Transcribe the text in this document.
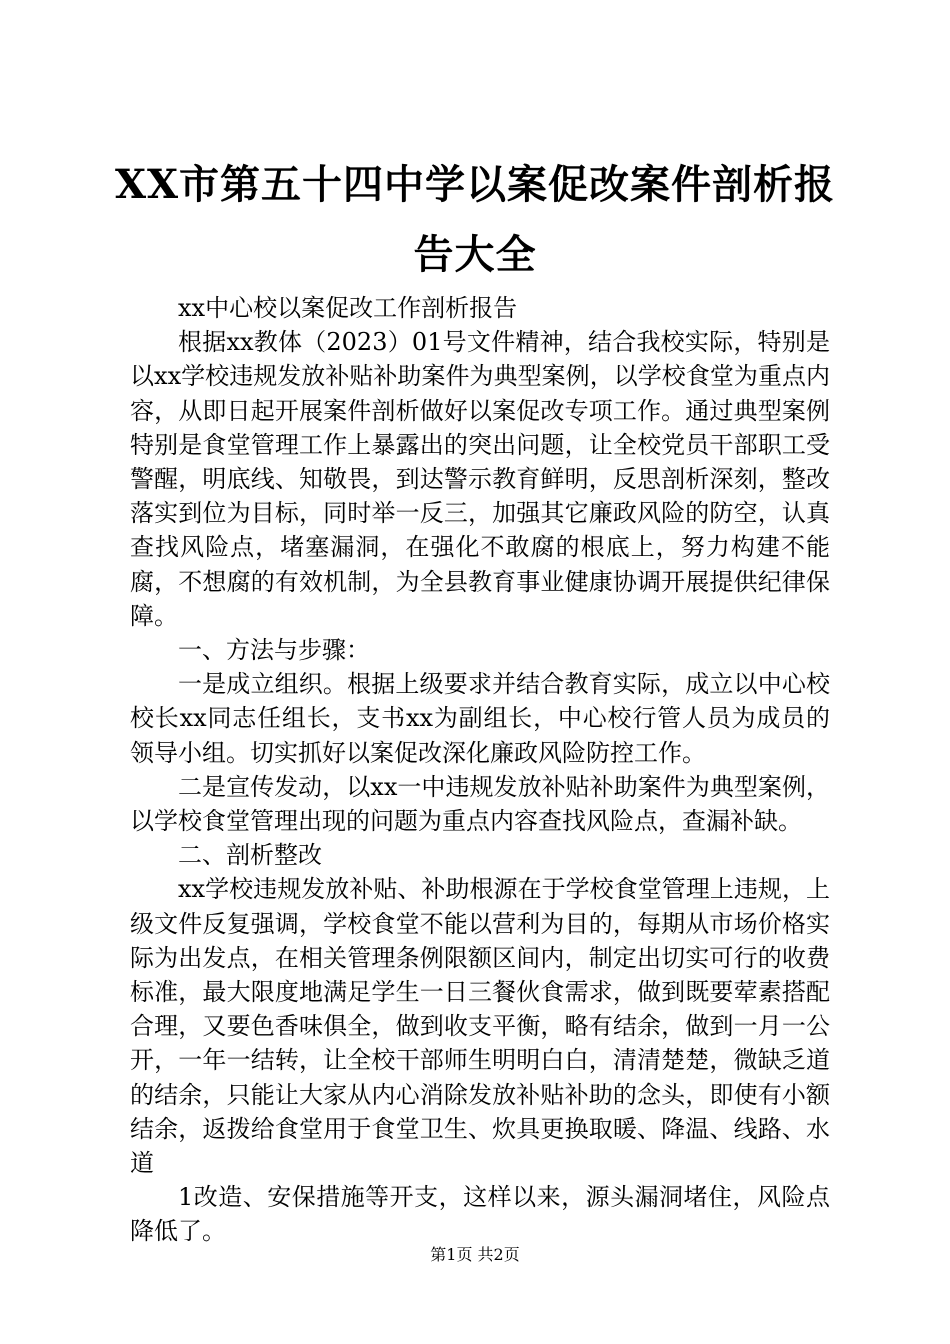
XX市第五十四中学以案促改案件剖析报告大全

xx中心校以案促改工作剖析报告

根据xx教体（2023）01号文件精神，结合我校实际，特别是以xx学校违规发放补贴补助案件为典型案例，以学校食堂为重点内容，从即日起开展案件剖析做好以案促改专项工作。通过典型案例特别是食堂管理工作上暴露出的突出问题，让全校党员干部职工受警醒，明底线、知敬畏，到达警示教育鲜明，反思剖析深刻，整改落实到位为目标，同时举一反三，加强其它廉政风险的防空，认真查找风险点，堵塞漏洞，在强化不敢腐的根底上，努力构建不能腐，不想腐的有效机制，为全县教育事业健康协调开展提供纪律保障。

一、方法与步骤：

一是成立组织。根据上级要求并结合教育实际，成立以中心校校长xx同志任组长，支书xx为副组长，中心校行管人员为成员的领导小组。切实抓好以案促改深化廉政风险防控工作。

二是宣传发动，以xx一中违规发放补贴补助案件为典型案例，以学校食堂管理出现的问题为重点内容查找风险点，查漏补缺。

二、剖析整改

xx学校违规发放补贴、补助根源在于学校食堂管理上违规，上级文件反复强调，学校食堂不能以营利为目的，每期从市场价格实际为出发点，在相关管理条例限额区间内，制定出切实可行的收费标准，最大限度地满足学生一日三餐伙食需求，做到既要荤素搭配合理，又要色香味俱全，做到收支平衡，略有结余，做到一月一公开，一年一结转，让全校干部师生明明白白，清清楚楚，微缺乏道的结余，只能让大家从内心消除发放补贴补助的念头，即使有小额结余，返拨给食堂用于食堂卫生、炊具更换取暖、降温、线路、水道

1改造、安保措施等开支，这样以来，源头漏洞堵住，风险点降低了。

第1页 共2页
